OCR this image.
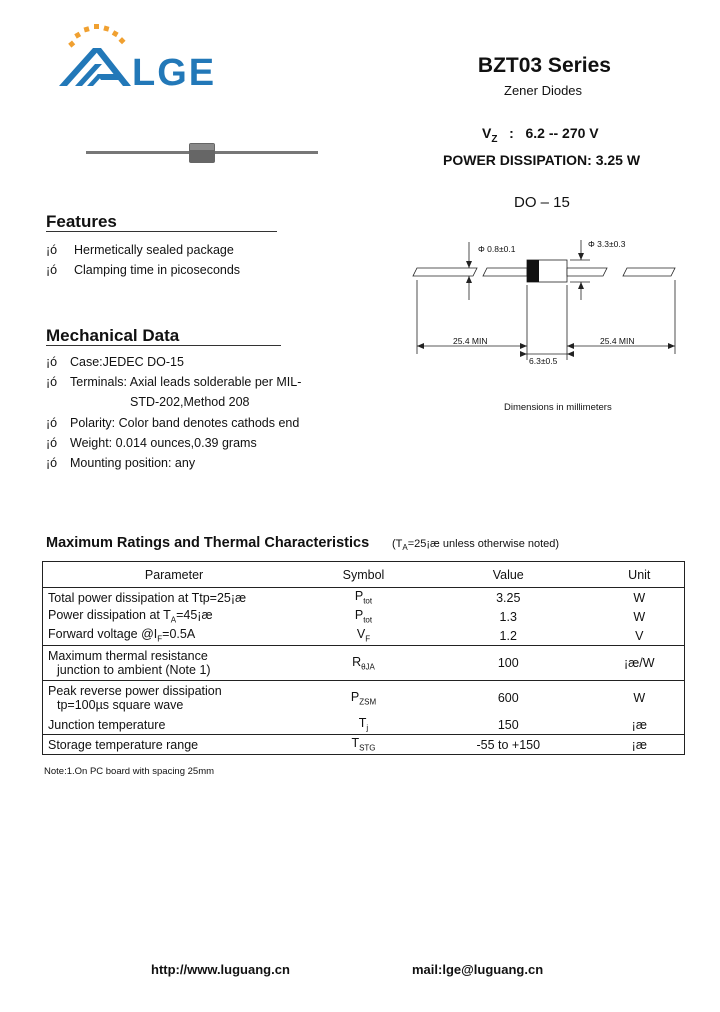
LGE	BZT03 Series
Zener Diodes
$V_Z$ : 6.2 -- 270 V
POWER DISSIPATION: 3.25 W
DO – 15
Features
¡ó Hermetically sealed package
¡ó Clamping time in picoseconds
Mechanical Data
¡ó Case:JEDEC DO-15
¡ó Terminals: Axial leads solderable per MIL-
STD-202,Method 208
¡ó Polarity: Color band denotes cathods end
¡ó Weight: 0.014 ounces,0.39 grams
¡ó Mounting position: any
Φ 0.8±0.1	Φ 3.3±0.3
25.4 MIN	25.4 MIN
6.3±0.5
Dimensions in millimeters
Maximum Ratings and Thermal Characteristics ($T_A=25¡æ$ unless otherwise noted)
Parameter	Symbol	Value	Unit
Total power dissipation at Ttp=25¡æ	$P_{tot}$	3.25	W
Power dissipation at $T_A=45¡æ$	$P_{tot}$	1.3	W
Forward voltage $@I_F=0.5A$	$V_F$	1.2	V

Maximum thermal resistance
junction to ambient (Note 1)	$R_{\theta JA}$	100	¡æ/W

Peak reverse power dissipation
tp=100µs square wave	$P_{ZSM}$	600	W
Junction temperature	$T_j$	150	¡æ
Storage temperature range	$T_{STG}$	-55 to +150	¡æ
Note:1.On PC board with spacing 25mm
http://www.luguang.cn	mail:lge@luguang.cn
